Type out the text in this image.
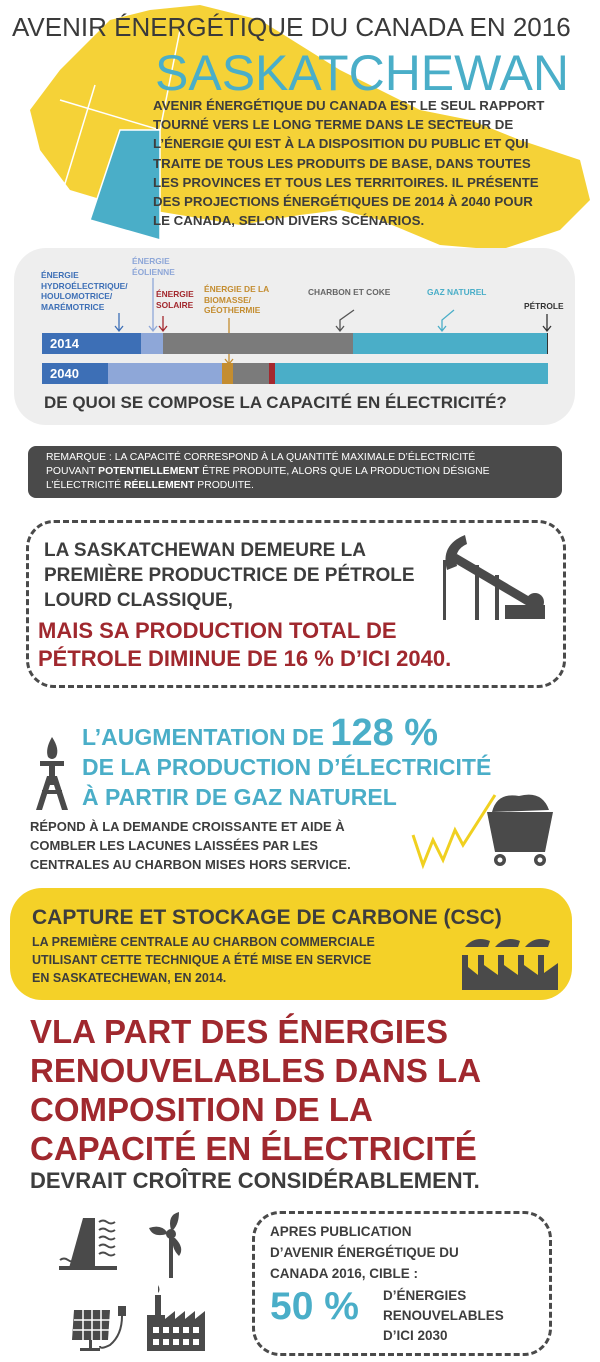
AVENIR ÉNERGÉTIQUE DU CANADA EN 2016
SASKATCHEWAN
AVENIR ÉNERGÉTIQUE DU CANADA EST LE SEUL RAPPORT
TOURNÉ VERS LE LONG TERME DANS LE SECTEUR DE
L’ÉNERGIE QUI EST À LA DISPOSITION DU PUBLIC ET QUI
TRAITE DE TOUS LES PRODUITS DE BASE, DANS TOUTES
LES PROVINCES ET TOUS LES TERRITOIRES. IL PRÉSENTE
DES PROJECTIONS ÉNERGÉTIQUES DE 2014 À 2040 POUR
LE CANADA, SELON DIVERS SCÉNARIOS.
ÉNERGIE
HYDROÉLECTRIQUE/
HOULOMOTRICE/
MARÉMOTRICE
ÉNERGIE
ÉOLIENNE
ÉNERGIE
SOLAIRE
ÉNERGIE DE LA
BIOMASSE/
GÉOTHERMIE
CHARBON ET COKE	GAZ NATUREL
PÉTROLE
2014
2040
DE QUOI SE COMPOSE LA CAPACITÉ EN ÉLECTRICITÉ?
REMARQUE : LA CAPACITÉ CORRESPOND À LA QUANTITÉ MAXIMALE D’ÉLECTRICITÉ
POUVANT POTENTIELLEMENT ÊTRE PRODUITE, ALORS QUE LA PRODUCTION DÉSIGNE
L’ÉLECTRICITÉ RÉELLEMENT PRODUITE.
LA SASKATCHEWAN DEMEURE LA
PREMIÈRE PRODUCTRICE DE PÉTROLE
LOURD CLASSIQUE,
MAIS SA PRODUCTION TOTAL DE
PÉTROLE DIMINUE DE 16 % D’ICI 2040.
L’AUGMENTATION DE 128 %
DE LA PRODUCTION D’ÉLECTRICITÉ
À PARTIR DE GAZ NATUREL
RÉPOND À LA DEMANDE CROISSANTE ET AIDE À
COMBLER LES LACUNES LAISSÉES PAR LES
CENTRALES AU CHARBON MISES HORS SERVICE.
CAPTURE ET STOCKAGE DE CARBONE (CSC)
LA PREMIÈRE CENTRALE AU CHARBON COMMERCIALE
UTILISANT CETTE TECHNIQUE A ÉTÉ MISE EN SERVICE
EN SASKATECHEWAN, EN 2014.
VLA PART DES ÉNERGIES
RENOUVELABLES DANS LA
COMPOSITION DE LA
CAPACITÉ EN ÉLECTRICITÉ
DEVRAIT CROÎTRE CONSIDÉRABLEMENT.
APRES PUBLICATION
D’AVENIR ÉNERGÉTIQUE DU
CANADA 2016, CIBLE :
50 % D’ÉNERGIES
RENOUVELABLES
D’ICI 2030
